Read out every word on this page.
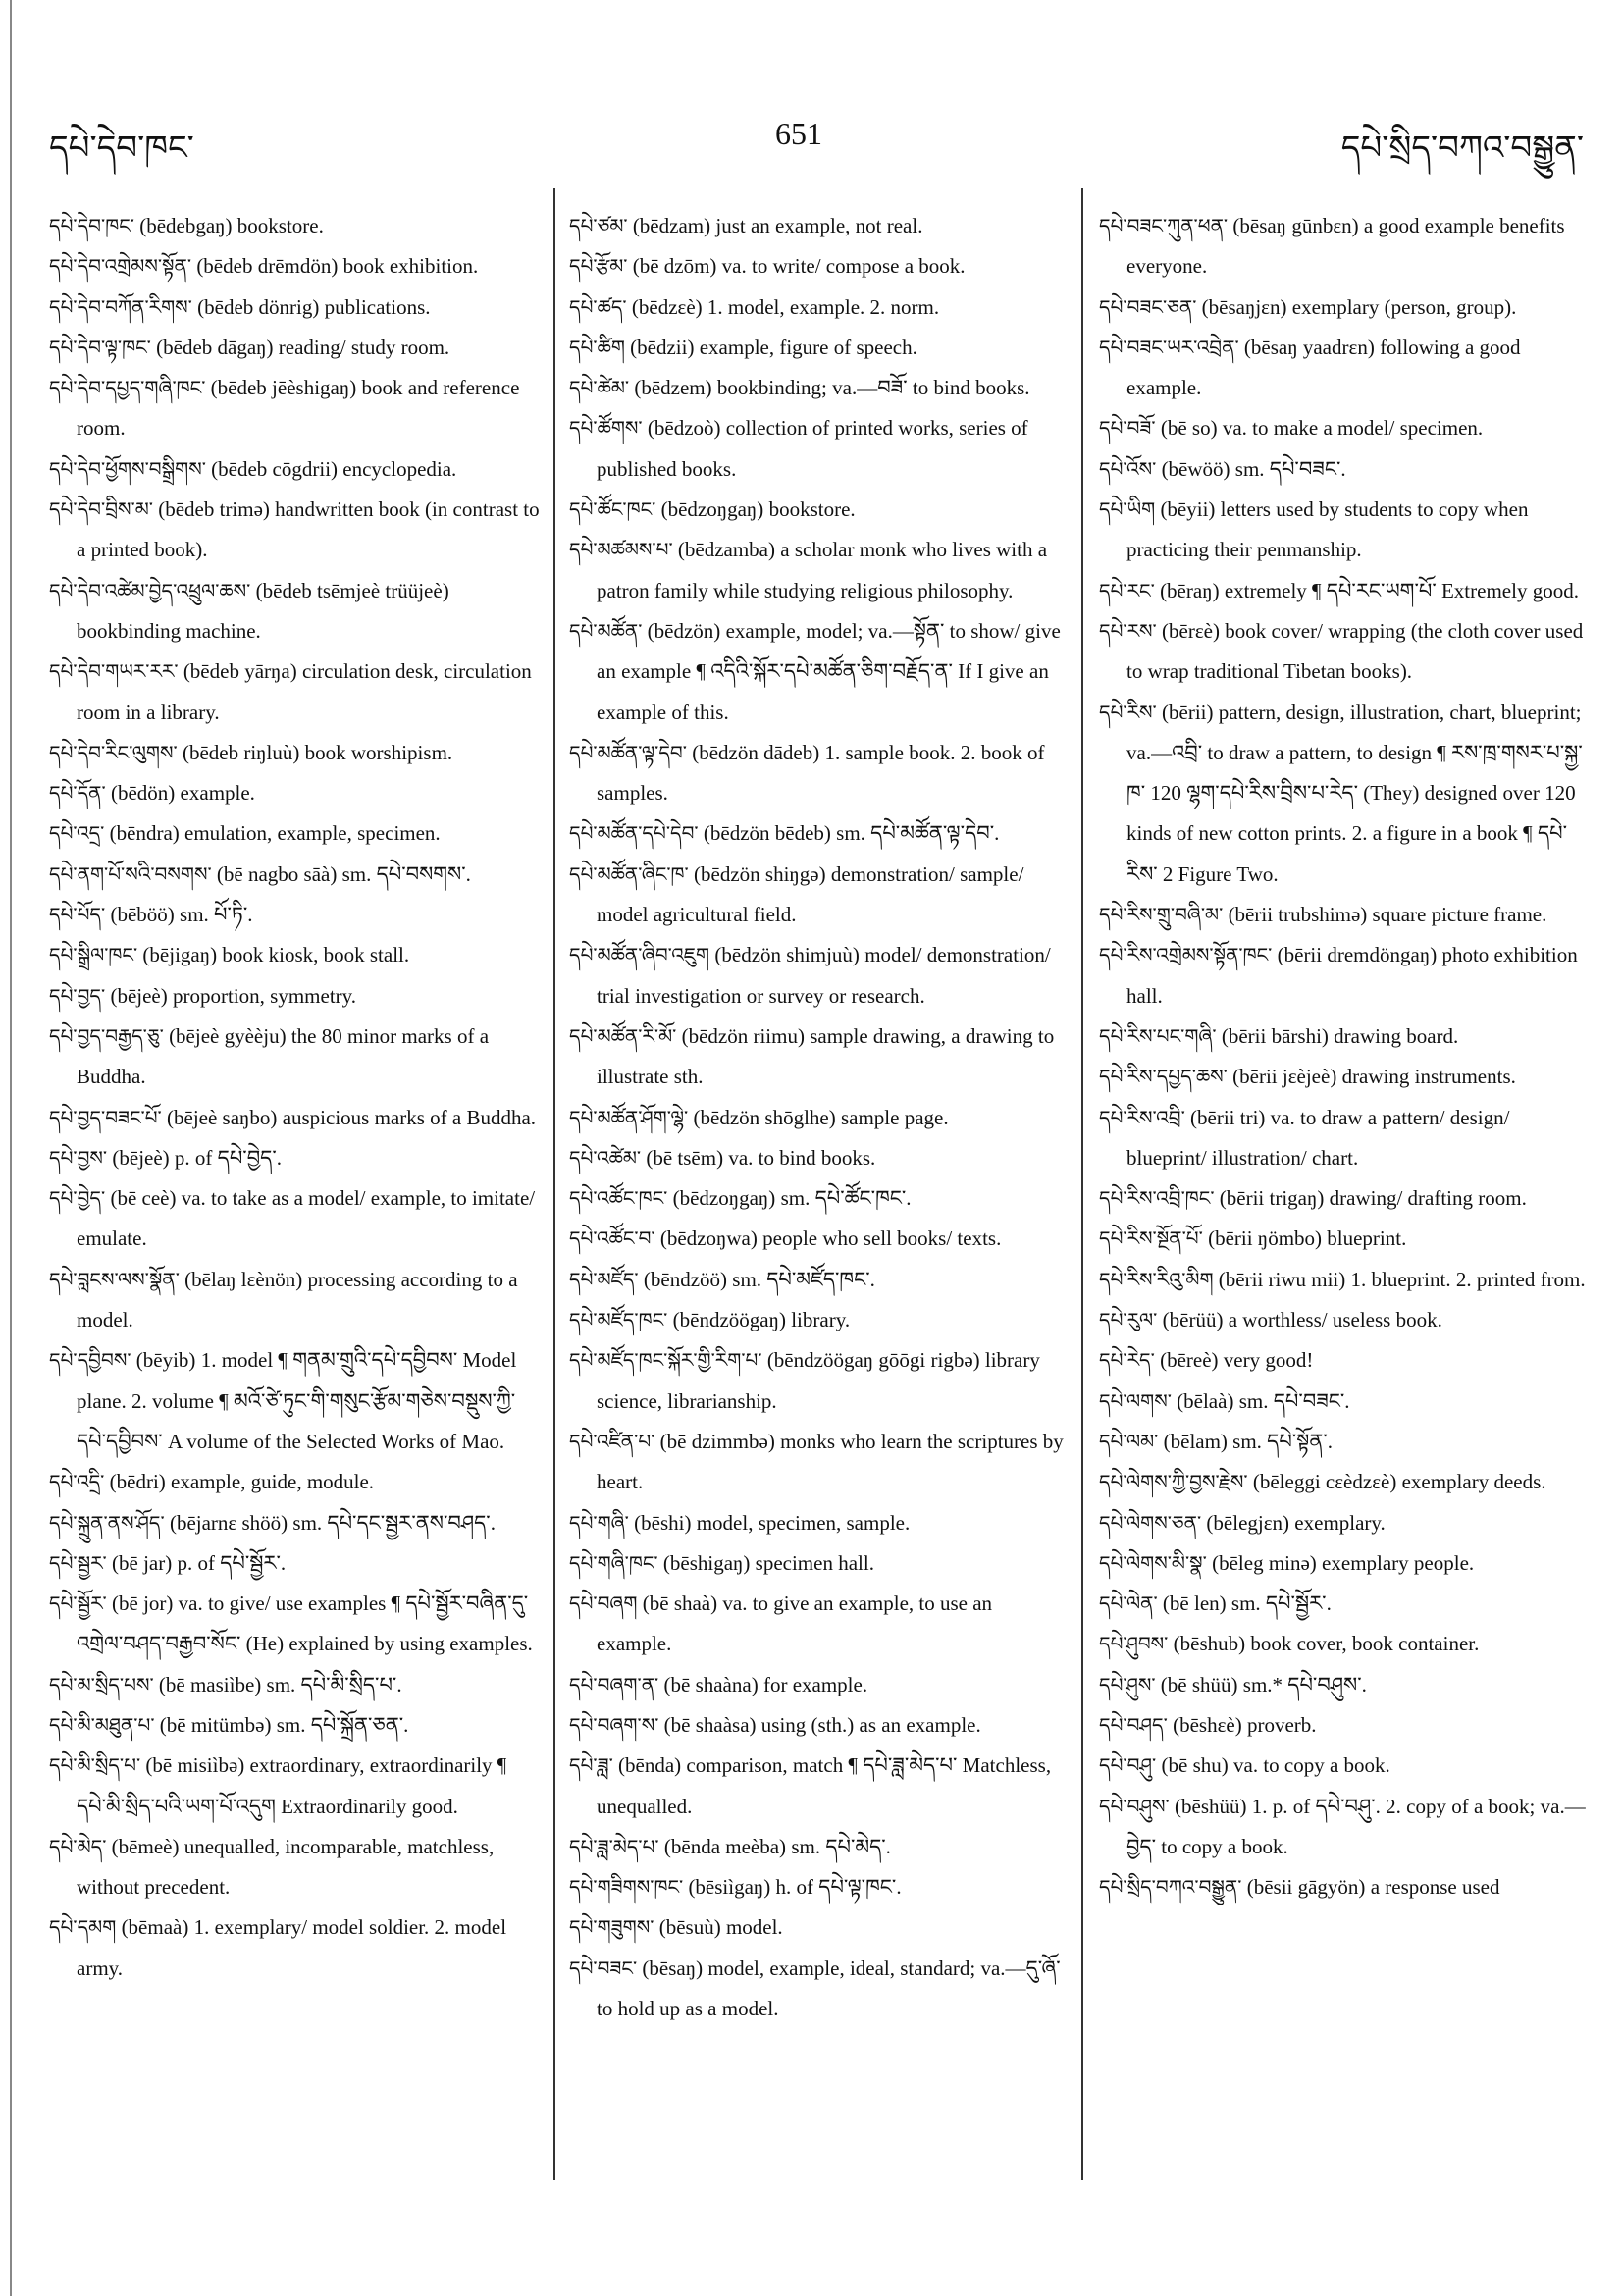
དཔེ་དེབ་ཁང་	651	དཔེ་སྲིད་བཀའ་བསྒྱུན་

དཔེ་དེབ་ཁང་ (bēdebgaŋ) bookstore.

དཔེ་དེབ་འགྲེམས་སྟོན་ (bēdeb drēmdön) book exhibition.

དཔེ་དེབ་བཀོན་རིགས་ (bēdeb dönrig) publications.

དཔེ་དེབ་ལྟ་ཁང་ (bēdeb dāgaŋ) reading/ study room.

དཔེ་དེབ་དཔྱད་གཞི་ཁང་ (bēdeb jēèshigaŋ) book and reference room.

དཔེ་དེབ་ཕྱོགས་བསྒྲིགས་ (bēdeb cōgdrii) encyclopedia.

དཔེ་དེབ་བྲིས་མ་ (bēdeb trimə) handwritten book (in contrast to a printed book).

དཔེ་དེབ་འཚེམ་བྱེད་འཕྲུལ་ཆས་ (bēdeb tsēmjeè trüüjeè) bookbinding machine.

དཔེ་དེབ་གཡར་རར་ (bēdeb yārŋa) circulation desk, circulation room in a library.

དཔེ་དེབ་རིང་ལུགས་ (bēdeb riŋluù) book worshipism.

དཔེ་དོན་ (bēdön) example.

དཔེ་འདྲ་ (bēndra) emulation, example, specimen.

དཔེ་ནག་པོ་སའི་བསགས་ (bē nagbo sāà) sm. དཔེ་བསགས་.

དཔེ་པོད་ (bēböö) sm. པོ་ཏི་.

དཔེ་སྒྲིལ་ཁང་ (bējigaŋ) book kiosk, book stall.

དཔེ་བྱད་ (bējeè) proportion, symmetry.

དཔེ་བྱད་བརྒྱད་ཅུ་ (bējeè gyèèju) the 80 minor marks of a Buddha.

དཔེ་བྱད་བཟང་པོ་ (bējeè saŋbo) auspicious marks of a Buddha.

དཔེ་བྱས་ (bējeè) p. of དཔེ་བྱེད་.

དཔེ་བྱེད་ (bē ceè) va. to take as a model/ example, to imitate/ emulate.

དཔེ་བླངས་ལས་སྣོན་ (bēlaŋ lεènön) processing according to a model.

དཔེ་དབྱིབས་ (bēyib) 1. model ¶ གནམ་གྲུའི་དཔེ་དབྱིབས་ Model plane. 2. volume ¶ མའོ་ཙེ་ཏུང་གི་གསུང་རྩོམ་གཅེས་བསྡུས་ཀྱི་དཔེ་དབྱིབས་ A volume of the Selected Works of Mao.

དཔེ་འདྲི་ (bēdri) example, guide, module.

དཔེ་སྐྲུན་ནས་ཤོད་ (bējarnε shöö) sm. དཔེ་དང་སྦྱར་ནས་བཤད་.

དཔེ་སྦྱར་ (bē jar) p. of དཔེ་སྦྱོར་.

དཔེ་སྦྱོར་ (bē jor) va. to give/ use examples ¶ དཔེ་སྦྱོར་བཞིན་དུ་འགྲེལ་བཤད་བརྒྱབ་སོང་ (He) explained by using examples.

དཔེ་མ་སྲིད་པས་ (bē masiìbe) sm. དཔེ་མི་སྲིད་པ་.

དཔེ་མི་མཐུན་པ་ (bē mitümbə) sm. དཔེ་སྐྲོན་ཅན་.

དཔེ་མི་སྲིད་པ་ (bē misiìbə) extraordinary, extraordinarily ¶ དཔེ་མི་སྲིད་པའི་ཡག་པོ་འདུག Extraordinarily good.

དཔེ་མེད་ (bēmeè) unequalled, incomparable, matchless, without precedent.

དཔེ་དམག (bēmaà) 1. exemplary/ model soldier. 2. model army.

དཔེ་ཙམ་ (bēdzam) just an example, not real.

དཔེ་རྩོམ་ (bē dzōm) va. to write/ compose a book.

དཔེ་ཚད་ (bēdzεè) 1. model, example. 2. norm.

དཔེ་ཚིག (bēdzii) example, figure of speech.

དཔེ་ཚེམ་ (bēdzem) bookbinding; va.—བཟོ་ to bind books.

དཔེ་ཚོགས་ (bēdzoò) collection of printed works, series of published books.

དཔེ་ཚོང་ཁང་ (bēdzoŋgaŋ) bookstore.

དཔེ་མཚམས་པ་ (bēdzamba) a scholar monk who lives with a patron family while studying religious philosophy.

དཔེ་མཚོན་ (bēdzön) example, model; va.—སྟོན་ to show/ give an example ¶ འདིའི་སྐོར་དཔེ་མཚོན་ཅིག་བརྗོད་ན་ If I give an example of this.

དཔེ་མཚོན་ལྟ་དེབ་ (bēdzön dādeb) 1. sample book. 2. book of samples.

དཔེ་མཚོན་དཔེ་དེབ་ (bēdzön bēdeb) sm. དཔེ་མཚོན་ལྟ་དེབ་.

དཔེ་མཚོན་ཞིང་ཁ་ (bēdzön shiŋgə) demonstration/ sample/ model agricultural field.

དཔེ་མཚོན་ཞིབ་འཇུག (bēdzön shimjuù) model/ demonstration/ trial investigation or survey or research.

དཔེ་མཚོན་རི་མོ་ (bēdzön riimu) sample drawing, a drawing to illustrate sth.

དཔེ་མཚོན་ཤོག་ལྷེ་ (bēdzön shōglhe) sample page.

དཔེ་འཚེམ་ (bē tsēm) va. to bind books.

དཔེ་འཚོང་ཁང་ (bēdzoŋgaŋ) sm. དཔེ་ཚོང་ཁང་.

དཔེ་འཚོང་བ་ (bēdzoŋwa) people who sell books/ texts.

དཔེ་མཛོད་ (bēndzöö) sm. དཔེ་མཛོད་ཁང་.

དཔེ་མཛོད་ཁང་ (bēndzöögaŋ) library.

དཔེ་མཛོད་ཁང་སྐོར་གྱི་རིག་པ་ (bēndzöögaŋ gōōgi rigbə) library science, librarianship.

དཔེ་འཛིན་པ་ (bē dzimmbə) monks who learn the scriptures by heart.

དཔེ་གཞི་ (bēshi) model, specimen, sample.

དཔེ་གཞི་ཁང་ (bēshigaŋ) specimen hall.

དཔེ་བཞག (bē shaà) va. to give an example, to use an example.

དཔེ་བཞག་ན་ (bē shaàna) for example.

དཔེ་བཞག་ས་ (bē shaàsa) using (sth.) as an example.

དཔེ་ཟླ་ (bēnda) comparison, match ¶ དཔེ་ཟླ་མེད་པ་ Matchless, unequalled.

དཔེ་ཟླ་མེད་པ་ (bēnda meèba) sm. དཔེ་མེད་.

དཔེ་གཟིགས་ཁང་ (bēsiìgaŋ) h. of དཔེ་ལྟ་ཁང་.

དཔེ་གཟུགས་ (bēsuù) model.

དཔེ་བཟང་ (bēsaŋ) model, example, ideal, standard; va.—དུ་ཞོ་ to hold up as a model.

དཔེ་བཟང་ཀུན་ཕན་ (bēsaŋ gūnbεn) a good example benefits everyone.

དཔེ་བཟང་ཅན་ (bēsaŋjεn) exemplary (person, group).

དཔེ་བཟང་ཡར་འབྲེན་ (bēsaŋ yaadrεn) following a good example.

དཔེ་བཟོ་ (bē so) va. to make a model/ specimen.

དཔེ་འོས་ (bēwöö) sm. དཔེ་བཟང་.

དཔེ་ཡིག (bēyii) letters used by students to copy when practicing their penmanship.

དཔེ་རང་ (bēraŋ) extremely ¶ དཔེ་རང་ཡག་པོ་ Extremely good.

དཔེ་རས་ (bērεè) book cover/ wrapping (the cloth cover used to wrap traditional Tibetan books).

དཔེ་རིས་ (bērii) pattern, design, illustration, chart, blueprint; va.—འབྲི་ to draw a pattern, to design ¶ རས་ཁྲ་གསར་པ་སྐྱ་ཁ་ 120 ལྷག་དཔེ་རིས་བྲིས་པ་རེད་ (They) designed over 120 kinds of new cotton prints. 2. a figure in a book ¶ དཔེ་རིས་ 2 Figure Two.

དཔེ་རིས་གྲུ་བཞི་མ་ (bērii trubshimə) square picture frame.

དཔེ་རིས་འགྲེམས་སྟོན་ཁང་ (bērii dremdöngaŋ) photo exhibition hall.

དཔེ་རིས་པང་གཞི་ (bērii bārshi) drawing board.

དཔེ་རིས་དཔྱད་ཆས་ (bērii jεèjeè) drawing instruments.

དཔེ་རིས་འབྲི་ (bērii tri) va. to draw a pattern/ design/ blueprint/ illustration/ chart.

དཔེ་རིས་འབྲི་ཁང་ (bērii trigaŋ) drawing/ drafting room.

དཔེ་རིས་སྔོན་པོ་ (bērii ŋömbo) blueprint.

དཔེ་རིས་རིའུ་མིག (bērii riwu mii) 1. blueprint. 2. printed from.

དཔེ་རུལ་ (bērüü) a worthless/ useless book.

དཔེ་རེད་ (bēreè) very good!

དཔེ་ལགས་ (bēlaà) sm. དཔེ་བཟང་.

དཔེ་ལམ་ (bēlam) sm. དཔེ་སྟོན་.

དཔེ་ལེགས་ཀྱི་བྱས་རྗེས་ (bēleggi cεèdzεè) exemplary deeds.

དཔེ་ལེགས་ཅན་ (bēlegjεn) exemplary.

དཔེ་ལེགས་མི་སྣ་ (bēleg minə) exemplary people.

དཔེ་ལེན་ (bē len) sm. དཔེ་སྦྱོར་.

དཔེ་ཤུབས་ (bēshub) book cover, book container.

དཔེ་ཤུས་ (bē shüü) sm.* དཔེ་བཤུས་.

དཔེ་བཤད་ (bēshεè) proverb.

དཔེ་བཤུ་ (bē shu) va. to copy a book.

དཔེ་བཤུས་ (bēshüü) 1. p. of དཔེ་བཤུ་. 2. copy of a book; va.—བྱེད་ to copy a book.

དཔེ་སྲིད་བཀའ་བསྒྱུན་ (bēsii gāgyön) a response used
